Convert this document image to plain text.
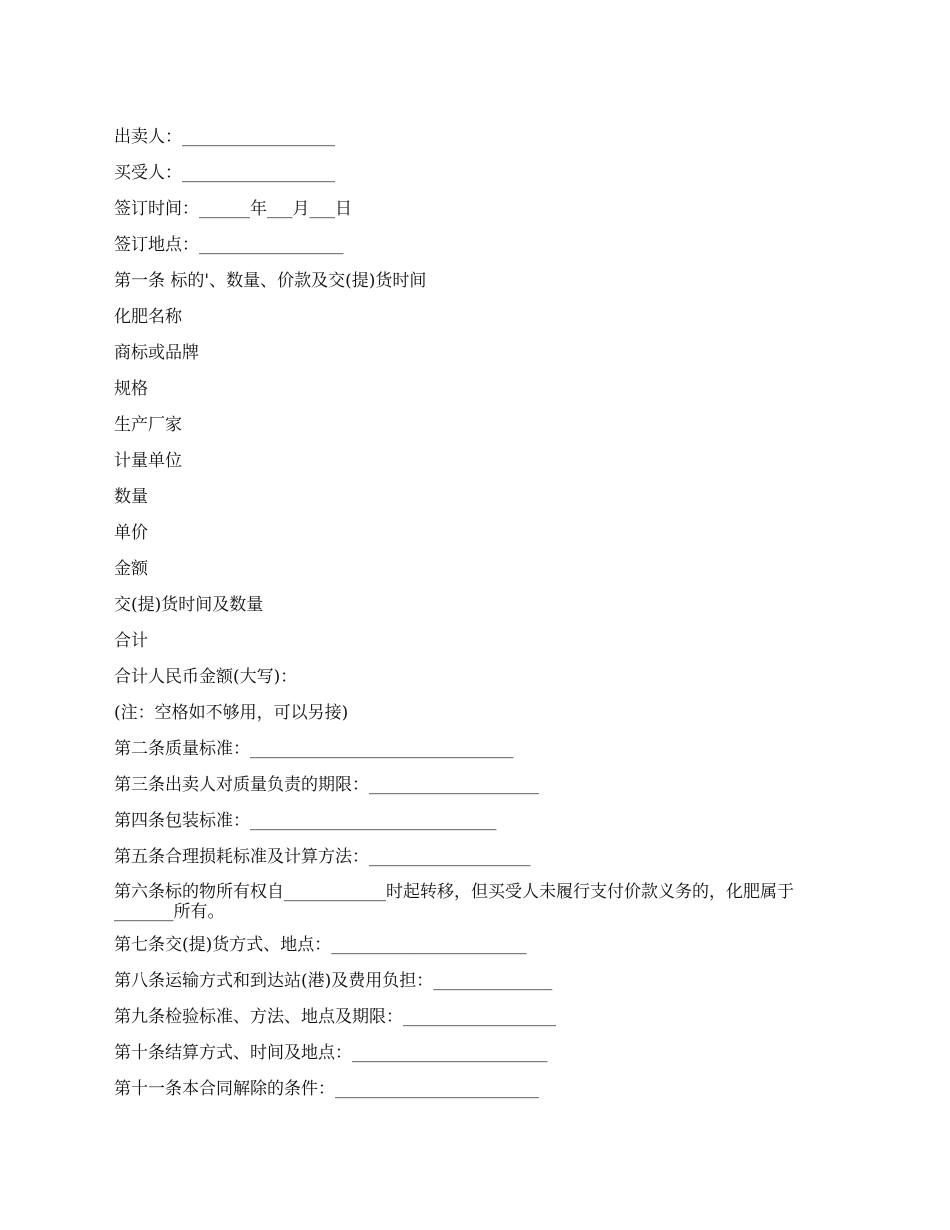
出卖人：__________________
买受人：__________________
签订时间：______年___月___日
签订地点：_________________
第一条 标的'、数量、价款及交(提)货时间
化肥名称
商标或品牌
规格
生产厂家
计量单位
数量
单价
金额
交(提)货时间及数量
合计
合计人民币金额(大写)：
(注：空格如不够用，可以另接)
第二条质量标准：_______________________________
第三条出卖人对质量负责的期限：____________________
第四条包装标准：_____________________________
第五条合理损耗标准及计算方法：___________________
第六条标的物所有权自____________时起转移，但买受人未履行支付价款义务的，化肥属于_______所有。
第七条交(提)货方式、地点：_______________________
第八条运输方式和到达站(港)及费用负担：______________
第九条检验标准、方法、地点及期限：__________________
第十条结算方式、时间及地点：_______________________
第十一条本合同解除的条件：________________________
